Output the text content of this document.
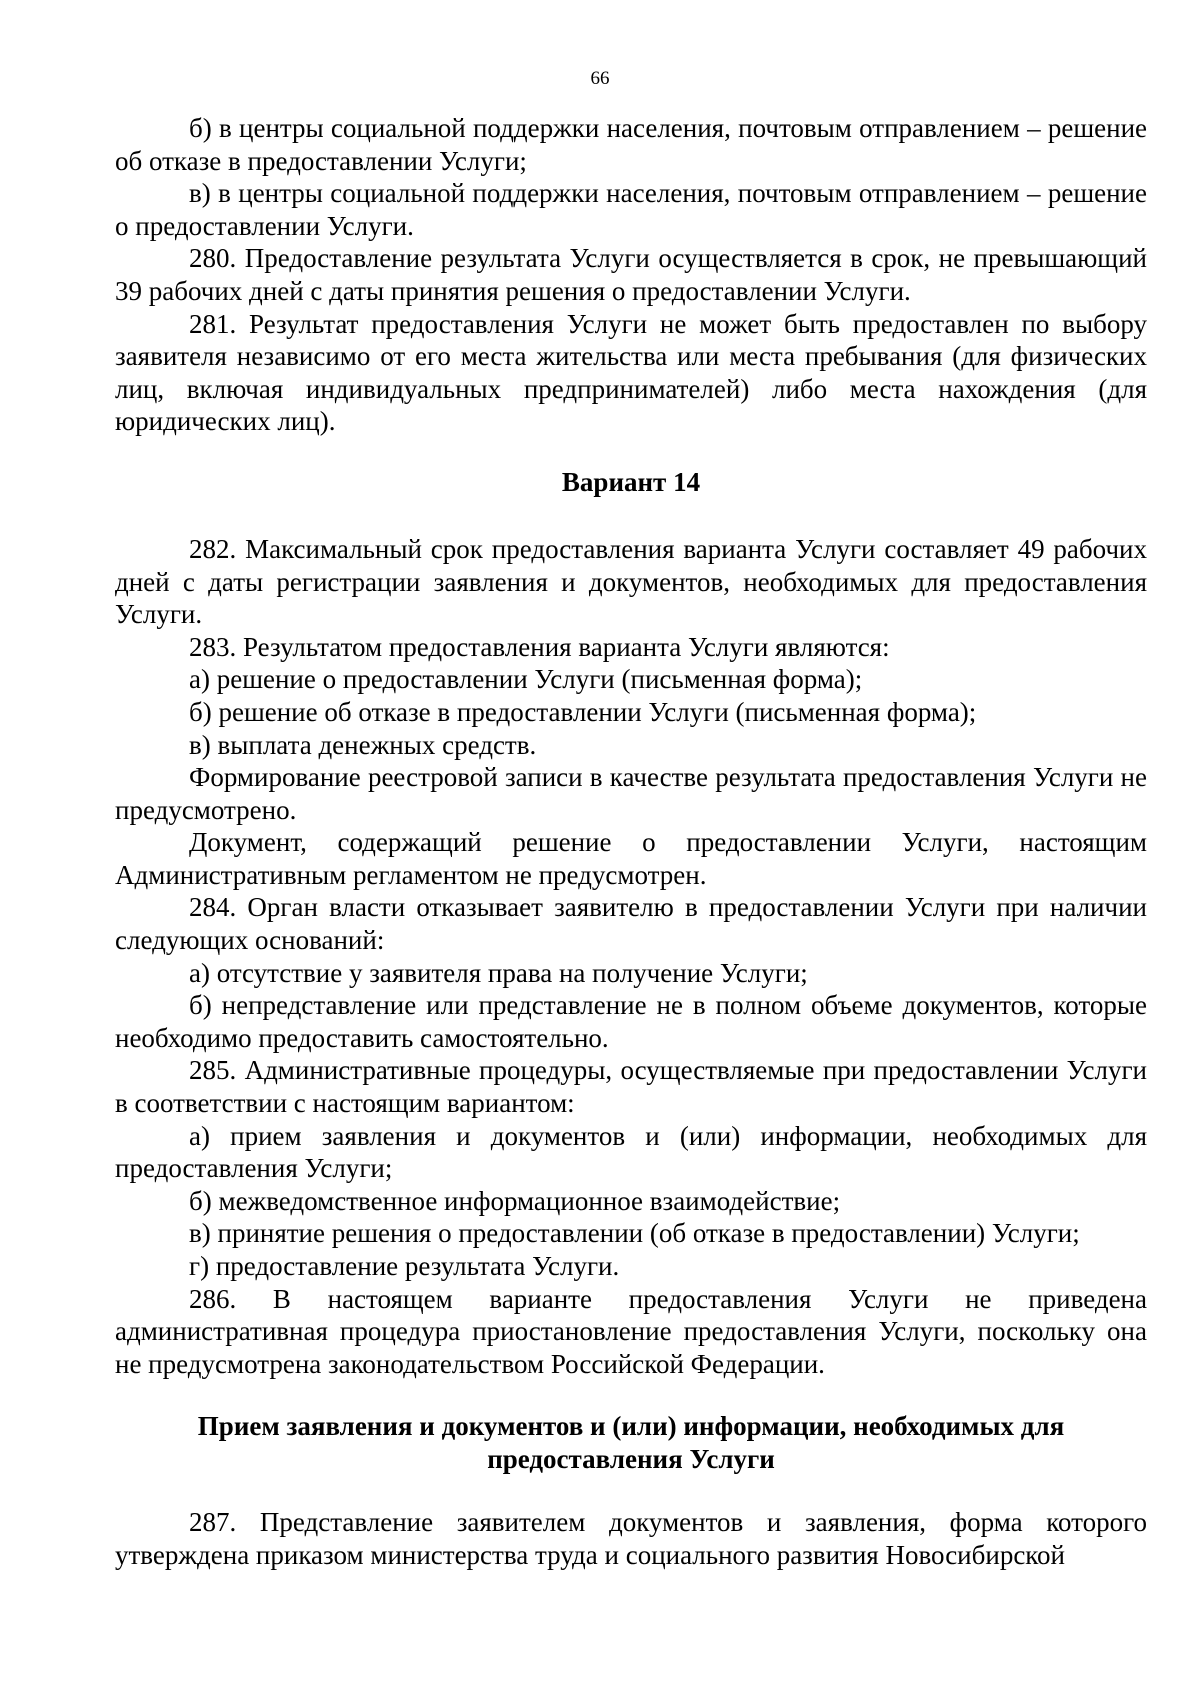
66

б) в центры социальной поддержки населения, почтовым отправлением – решение об отказе в предоставлении Услуги;

в) в центры социальной поддержки населения, почтовым отправлением – решение о предоставлении Услуги.

280. Предоставление результата Услуги осуществляется в срок, не превышающий 39 рабочих дней с даты принятия решения о предоставлении Услуги.

281. Результат предоставления Услуги не может быть предоставлен по выбору заявителя независимо от его места жительства или места пребывания (для физических лиц, включая индивидуальных предпринимателей) либо места нахождения (для юридических лиц).

Вариант 14

282. Максимальный срок предоставления варианта Услуги составляет 49 рабочих дней с даты регистрации заявления и документов, необходимых для предоставления Услуги.

283. Результатом предоставления варианта Услуги являются:

а) решение о предоставлении Услуги (письменная форма);

б) решение об отказе в предоставлении Услуги (письменная форма);

в) выплата денежных средств.

Формирование реестровой записи в качестве результата предоставления Услуги не предусмотрено.

Документ, содержащий решение о предоставлении Услуги, настоящим Административным регламентом не предусмотрен.

284. Орган власти отказывает заявителю в предоставлении Услуги при наличии следующих оснований:

а) отсутствие у заявителя права на получение Услуги;

б) непредставление или представление не в полном объеме документов, которые необходимо предоставить самостоятельно.

285. Административные процедуры, осуществляемые при предоставлении Услуги в соответствии с настоящим вариантом:

а) прием заявления и документов и (или) информации, необходимых для предоставления Услуги;

б) межведомственное информационное взаимодействие;

в) принятие решения о предоставлении (об отказе в предоставлении) Услуги;

г) предоставление результата Услуги.

286. В настоящем варианте предоставления Услуги не приведена административная процедура приостановление предоставления Услуги, поскольку она не предусмотрена законодательством Российской Федерации.

Прием заявления и документов и (или) информации, необходимых для
предоставления Услуги

287. Представление заявителем документов и заявления, форма которого утверждена приказом министерства труда и социального развития Новосибирской
